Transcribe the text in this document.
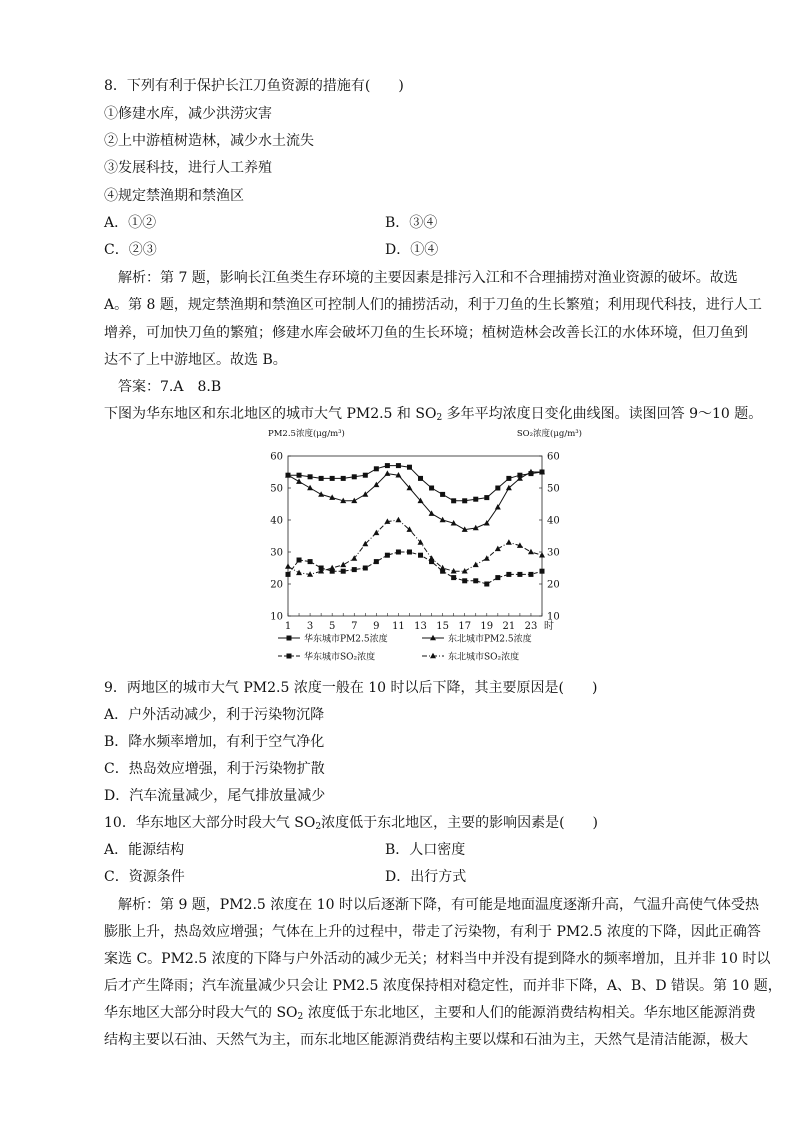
8．下列有利于保护长江刀鱼资源的措施有(　　)
①修建水库，减少洪涝灾害
②上中游植树造林，减少水土流失
③发展科技，进行人工养殖
④规定禁渔期和禁渔区
A．①②	B．③④
C．②③	D．①④
解析：第 7 题，影响长江鱼类生存环境的主要因素是排污入江和不合理捕捞对渔业资源的破坏。故选
A。第 8 题，规定禁渔期和禁渔区可控制人们的捕捞活动，利于刀鱼的生长繁殖；利用现代科技，进行人工
增养，可加快刀鱼的繁殖；修建水库会破坏刀鱼的生长环境；植树造林会改善长江的水体环境，但刀鱼到
达不了上中游地区。故选 B。
答案：7.A　8.B
下图为华东地区和东北地区的城市大气 PM2.5 和 $SO_2$ 多年平均浓度日变化曲线图。读图回答 9～10 题。
PM2.5浓度(μg/m³)	SO₂浓度(μg/m³)
10	10
20	20
30	30
40	40
50	50
60	60
1 3 5 7 9 11 13 15 17 19 21 23 时
华东城市PM2.5浓度	东北城市PM2.5浓度
华东城市SO₂浓度	东北城市SO₂浓度
9．两地区的城市大气 PM2.5 浓度一般在 10 时以后下降，其主要原因是(　　)
A．户外活动减少，利于污染物沉降
B．降水频率增加，有利于空气净化
C．热岛效应增强，利于污染物扩散
D．汽车流量减少，尾气排放量减少
10．华东地区大部分时段大气 $SO_2$浓度低于东北地区，主要的影响因素是(　　)
A．能源结构	B．人口密度
C．资源条件	D．出行方式
解析：第 9 题，PM2.5 浓度在 10 时以后逐渐下降，有可能是地面温度逐渐升高，气温升高使气体受热
膨胀上升，热岛效应增强；气体在上升的过程中，带走了污染物，有利于 PM2.5 浓度的下降，因此正确答
案选 C。PM2.5 浓度的下降与户外活动的减少无关；材料当中并没有提到降水的频率增加，且并非 10 时以
后才产生降雨；汽车流量减少只会让 PM2.5 浓度保持相对稳定性，而并非下降，A、B、D 错误。第 10 题，
华东地区大部分时段大气的 $SO_2$ 浓度低于东北地区，主要和人们的能源消费结构相关。华东地区能源消费
结构主要以石油、天然气为主，而东北地区能源消费结构主要以煤和石油为主，天然气是清洁能源，极大
